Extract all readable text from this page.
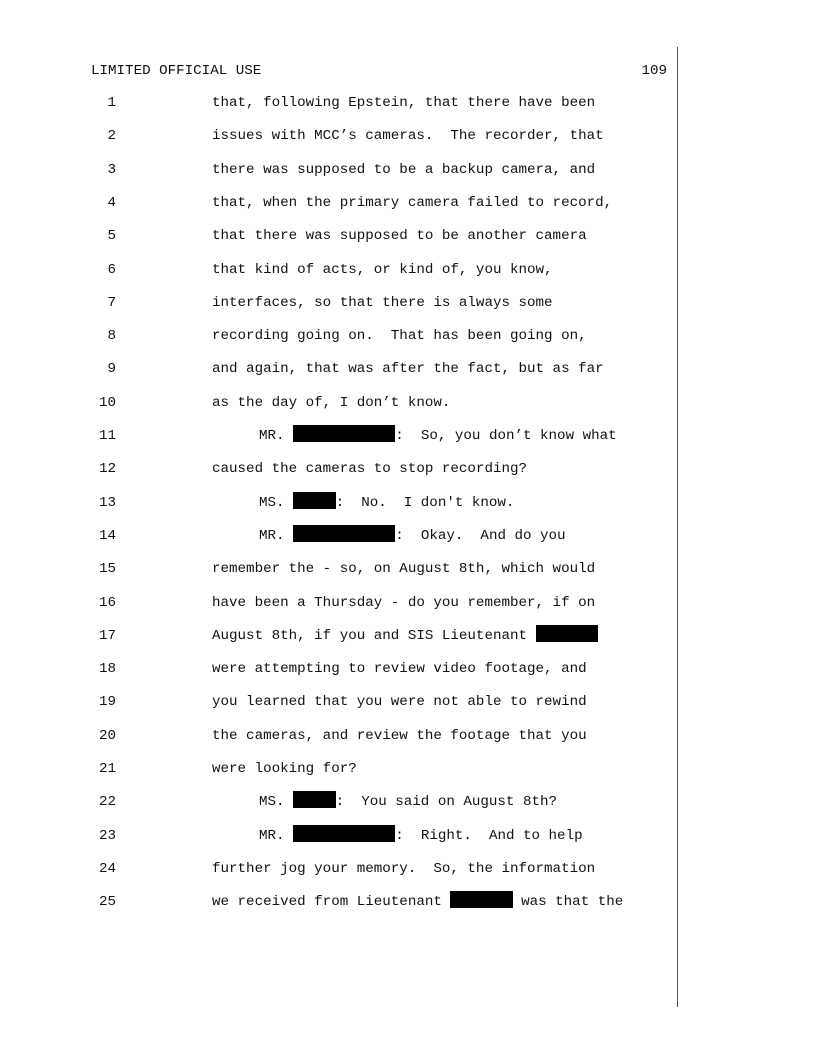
LIMITED OFFICIAL USE	109
1	that, following Epstein, that there have been
2	issues with MCC’s cameras.  The recorder, that
3	there was supposed to be a backup camera, and
4	that, when the primary camera failed to record,
5	that there was supposed to be another camera
6	that kind of acts, or kind of, you know,
7	interfaces, so that there is always some
8	recording going on.  That has been going on,
9	and again, that was after the fact, but as far
10	as the day of, I don’t know.
11	MR.	:  So, you don’t know what
12	caused the cameras to stop recording?
13	MS.	:  No.  I don't know.
14	MR.	:  Okay.  And do you
15	remember the - so, on August 8th, which would
16	have been a Thursday - do you remember, if on
17	August 8th, if you and SIS Lieutenant
18	were attempting to review video footage, and
19	you learned that you were not able to rewind
20	the cameras, and review the footage that you
21	were looking for?
22	MS.	:  You said on August 8th?
23	MR.	:  Right.  And to help
24	further jog your memory.  So, the information
25	we received from Lieutenant	was that the
